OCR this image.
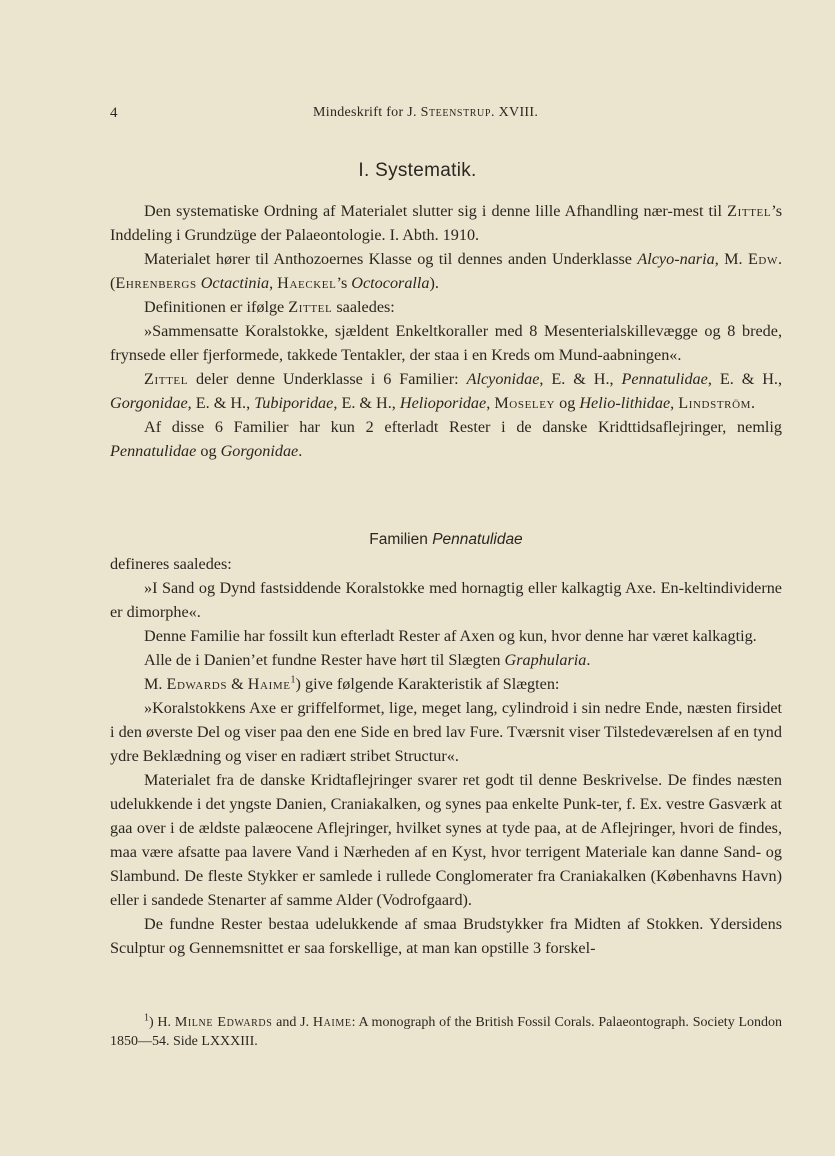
4	Mindeskrift for J. Steenstrup. XVIII.
I. Systematik.

Den systematiske Ordning af Materialet slutter sig i denne lille Afhandling nær-mest til Zittel’s Inddeling i Grundzüge der Palaeontologie. I. Abth. 1910.

Materialet hører til Anthozoernes Klasse og til dennes anden Underklasse Alcyo-naria, M. Edw. (Ehrenbergs Octactinia, Haeckel’s Octocoralla).

Definitionen er ifølge Zittel saaledes:

»Sammensatte Koralstokke, sjældent Enkeltkoraller med 8 Mesenterialskillevægge og 8 brede, frynsede eller fjerformede, takkede Tentakler, der staa i en Kreds om Mund-aabningen«.

Zittel deler denne Underklasse i 6 Familier: Alcyonidae, E. & H., Pennatulidae, E. & H., Gorgonidae, E. & H., Tubiporidae, E. & H., Helioporidae, Moseley og Helio-lithidae, Lindström.

Af disse 6 Familier har kun 2 efterladt Rester i de danske Kridttidsaflejringer, nemlig Pennatulidae og Gorgonidae.

Familien Pennatulidae

defineres saaledes:

»I Sand og Dynd fastsiddende Koralstokke med hornagtig eller kalkagtig Axe. En-keltindividerne er dimorphe«.

Denne Familie har fossilt kun efterladt Rester af Axen og kun, hvor denne har været kalkagtig.

Alle de i Danien’et fundne Rester have hørt til Slægten Graphularia.

M. Edwards & Haime$^1$) give følgende Karakteristik af Slægten:

»Koralstokkens Axe er griffelformet, lige, meget lang, cylindroid i sin nedre Ende, næsten firsidet i den øverste Del og viser paa den ene Side en bred lav Fure. Tværsnit viser Tilstedeværelsen af en tynd ydre Beklædning og viser en radiært stribet Structur«.

Materialet fra de danske Kridtaflejringer svarer ret godt til denne Beskrivelse. De findes næsten udelukkende i det yngste Danien, Craniakalken, og synes paa enkelte Punk-ter, f. Ex. vestre Gasværk at gaa over i de ældste palæocene Aflejringer, hvilket synes at tyde paa, at de Aflejringer, hvori de findes, maa være afsatte paa lavere Vand i Nærheden af en Kyst, hvor terrigent Materiale kan danne Sand- og Slambund. De fleste Stykker er samlede i rullede Conglomerater fra Craniakalken (Københavns Havn) eller i sandede Stenarter af samme Alder (Vodrofgaard).

De fundne Rester bestaa udelukkende af smaa Brudstykker fra Midten af Stokken. Ydersidens Sculptur og Gennemsnittet er saa forskellige, at man kan opstille 3 forskel-

$^1$) H. Milne Edwards and J. Haime: A monograph of the British Fossil Corals. Palaeontograph. Society London 1850—54. Side LXXXIII.
